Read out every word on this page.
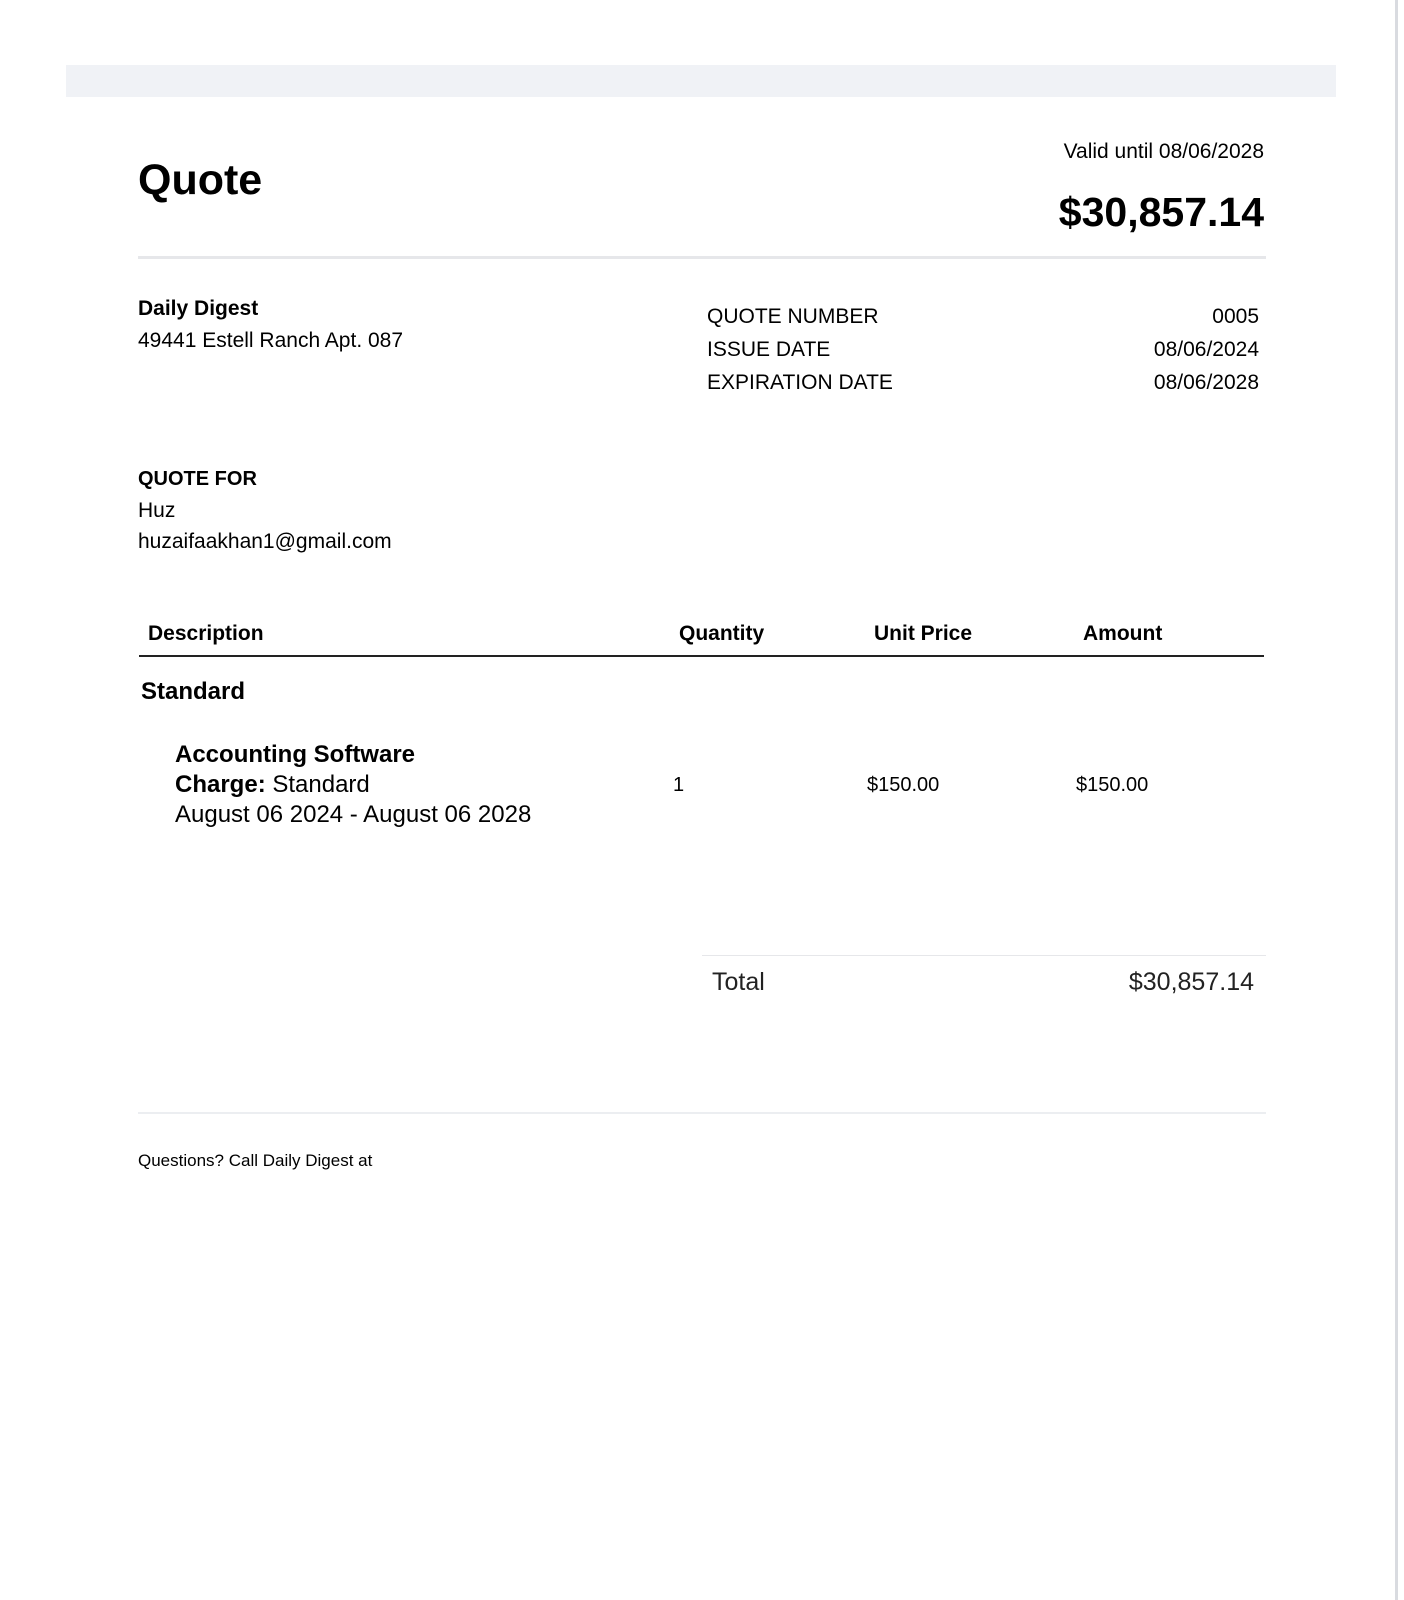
Quote
Valid until 08/06/2028
$30,857.14
Daily Digest
49441 Estell Ranch Apt. 087
QUOTE NUMBER	0005
ISSUE DATE	08/06/2024
EXPIRATION DATE	08/06/2028
QUOTE FOR
Huz
huzaifaakhan1@gmail.com
Description	Quantity	Unit Price	Amount
Standard
Accounting Software
Charge: Standard
August 06 2024 - August 06 2028
1	$150.00	$150.00
Total	$30,857.14
Questions? Call Daily Digest at
